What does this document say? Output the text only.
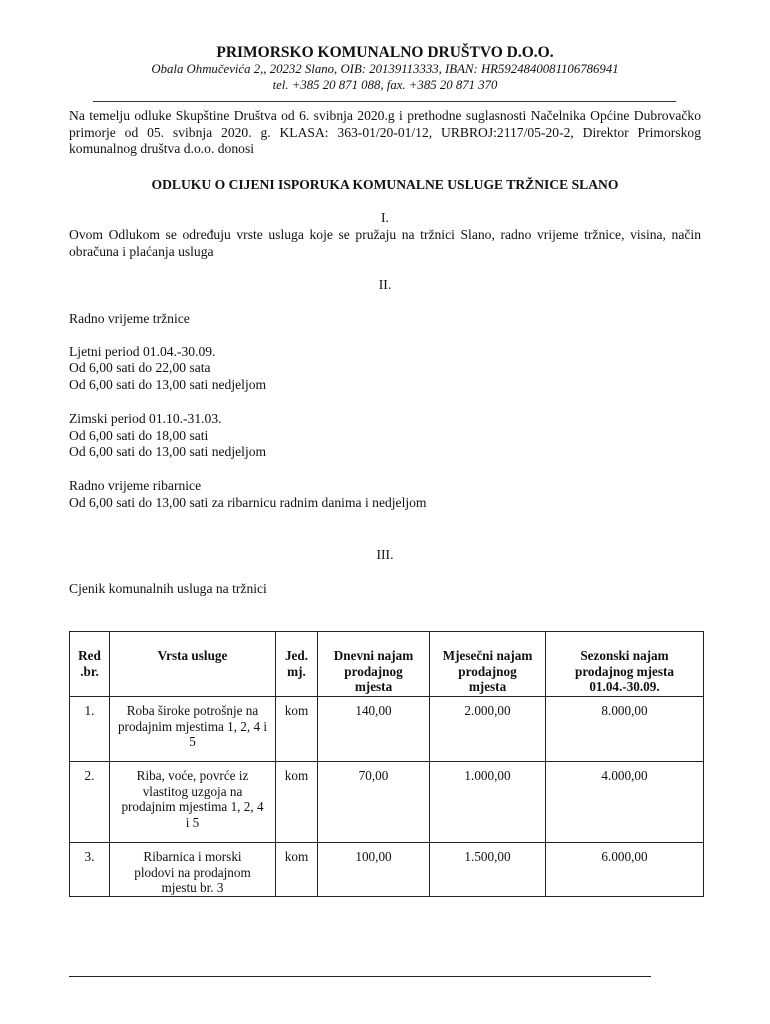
PRIMORSKO KOMUNALNO DRUŠTVO D.O.O.
Obala Ohmučevića 2,, 20232 Slano, OIB: 20139113333, IBAN: HR5924840081106786941
tel. +385 20 871 088, fax. +385 20 871 370
Na temelju odluke Skupštine Društva od 6. svibnja 2020.g i prethodne suglasnosti Načelnika Općine Dubrovačko primorje od 05. svibnja 2020. g. KLASA: 363-01/20-01/12, URBROJ:2117/05-20-2, Direktor Primorskog komunalnog društva d.o.o. donosi
ODLUKU O CIJENI ISPORUKA KOMUNALNE USLUGE TRŽNICE SLANO
I.
Ovom Odlukom se određuju vrste usluga koje se pružaju na tržnici Slano, radno vrijeme tržnice, visina, način obračuna i plaćanja usluga
II.
Radno vrijeme tržnice
Ljetni period 01.04.-30.09.
Od 6,00 sati do 22,00 sata
Od 6,00 sati do 13,00 sati nedjeljom
Zimski period 01.10.-31.03.
Od 6,00 sati do 18,00 sati
Od 6,00 sati do 13,00 sati nedjeljom
Radno vrijeme ribarnice
Od 6,00 sati do 13,00 sati za ribarnicu radnim danima i nedjeljom
III.
Cjenik komunalnih usluga na tržnici
Red .br.	Vrsta usluge	Jed. mj.	Dnevni najam prodajnog mjesta	Mjesečni najam prodajnog mjesta	Sezonski najam prodajnog mjesta 01.04.-30.09.
1.	Roba široke potrošnje na prodajnim mjestima 1, 2, 4 i 5	kom	140,00	2.000,00	8.000,00
2.	Riba, voće, povrće iz vlastitog uzgoja na prodajnim mjestima 1, 2, 4 i 5	kom	70,00	1.000,00	4.000,00
3.	Ribarnica i morski plodovi na prodajnom mjestu br. 3	kom	100,00	1.500,00	6.000,00
